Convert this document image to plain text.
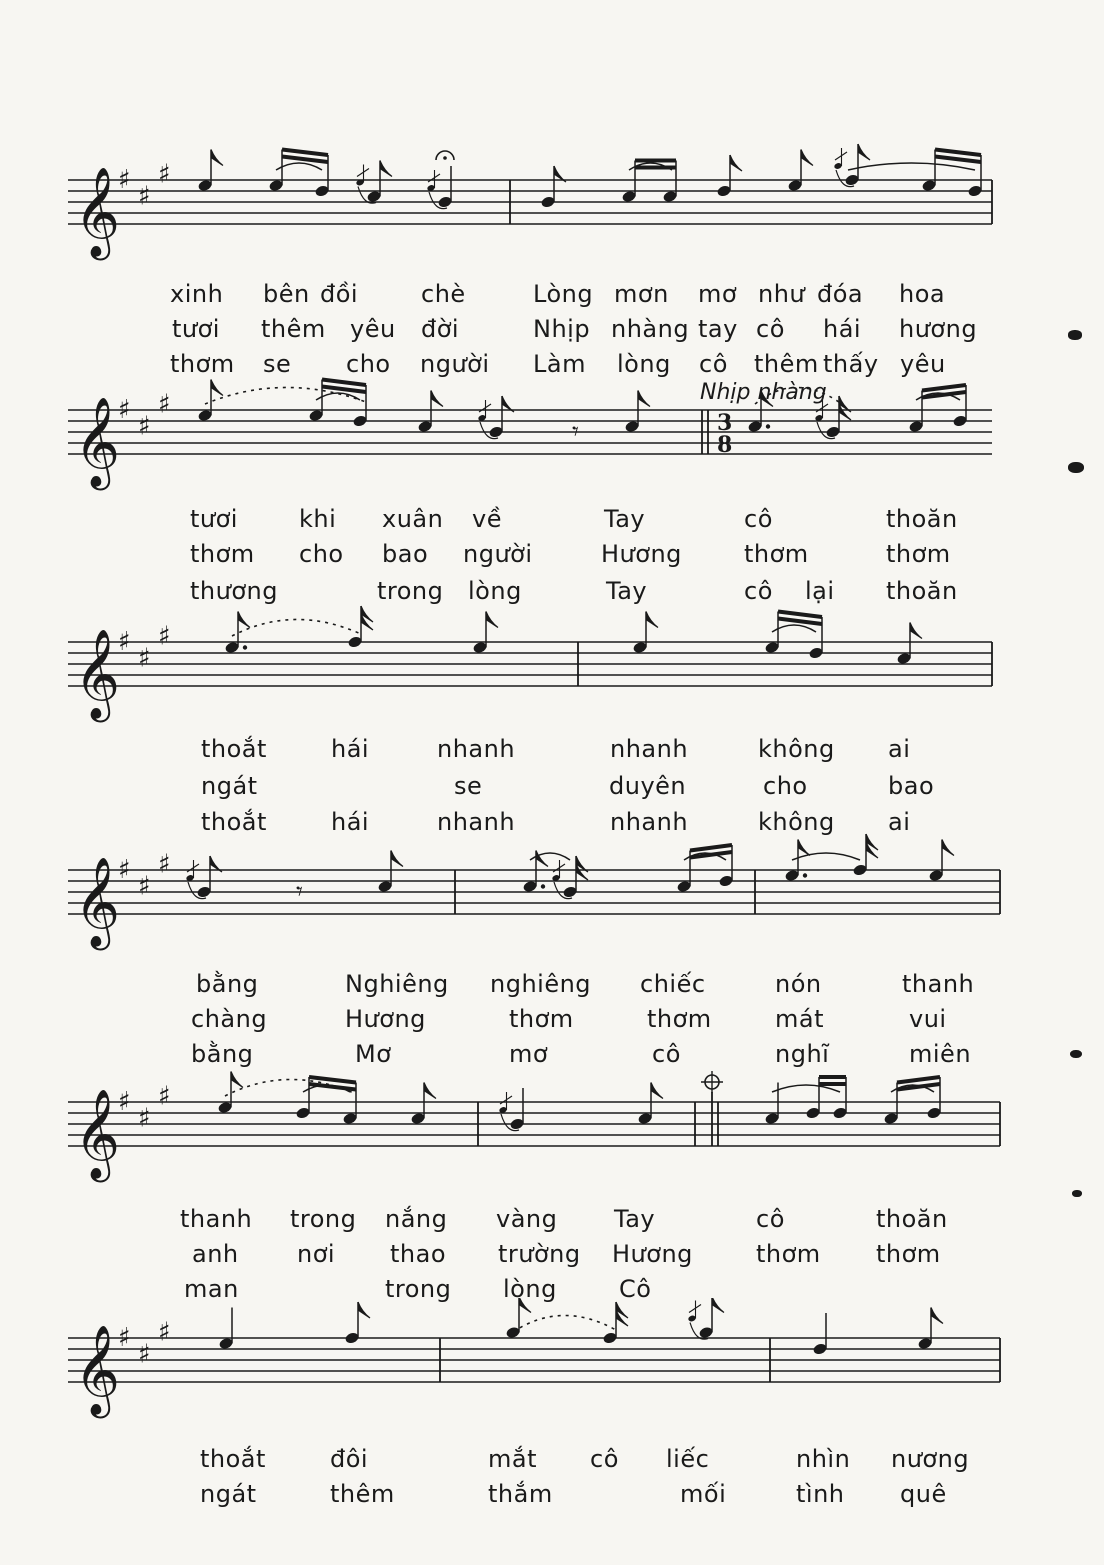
𝄞
♯
♯
♯
xinh bên đồi	chè	Lòng mơn mơ như đóa hoa
tươi thêm yêu đời	Nhịp nhàng tay cô hái hương
thơm se cho người Làm lòng cô thêm thấy yêu
𝄞
♯
♯
♯
3
8
𝄾
tươi	khi xuân về	Tay	cô	thoăn
thơm cho bao người	Hương	thơm	thơm
thương	trong lòng	Tay	cô lại thoăn
𝄞
♯
♯
♯
thoắt	hái	nhanh	nhanh	không ai
ngát	se	duyên	cho	bao
thoắt	hái	nhanh	nhanh	không ai
𝄞
♯
♯
♯
𝄾
bằng	Nghiêng nghiêng chiếc	nón	thanh
chàng	Hương	thơm	thơm	mát	vui
bằng	Mơ	mơ	cô	nghĩ	miên
𝄞
♯
♯
♯
thanh trong nắng vàng Tay	cô	thoăn
anh nơi thao trường Hương	thơm thơm
man	trong lòng	Cô
𝄞
♯
♯
♯
thoắt	đôi	mắt cô liếc	nhìn nương
ngát	thêm	thắm	mối	tình quê
Nhịp nhàng
